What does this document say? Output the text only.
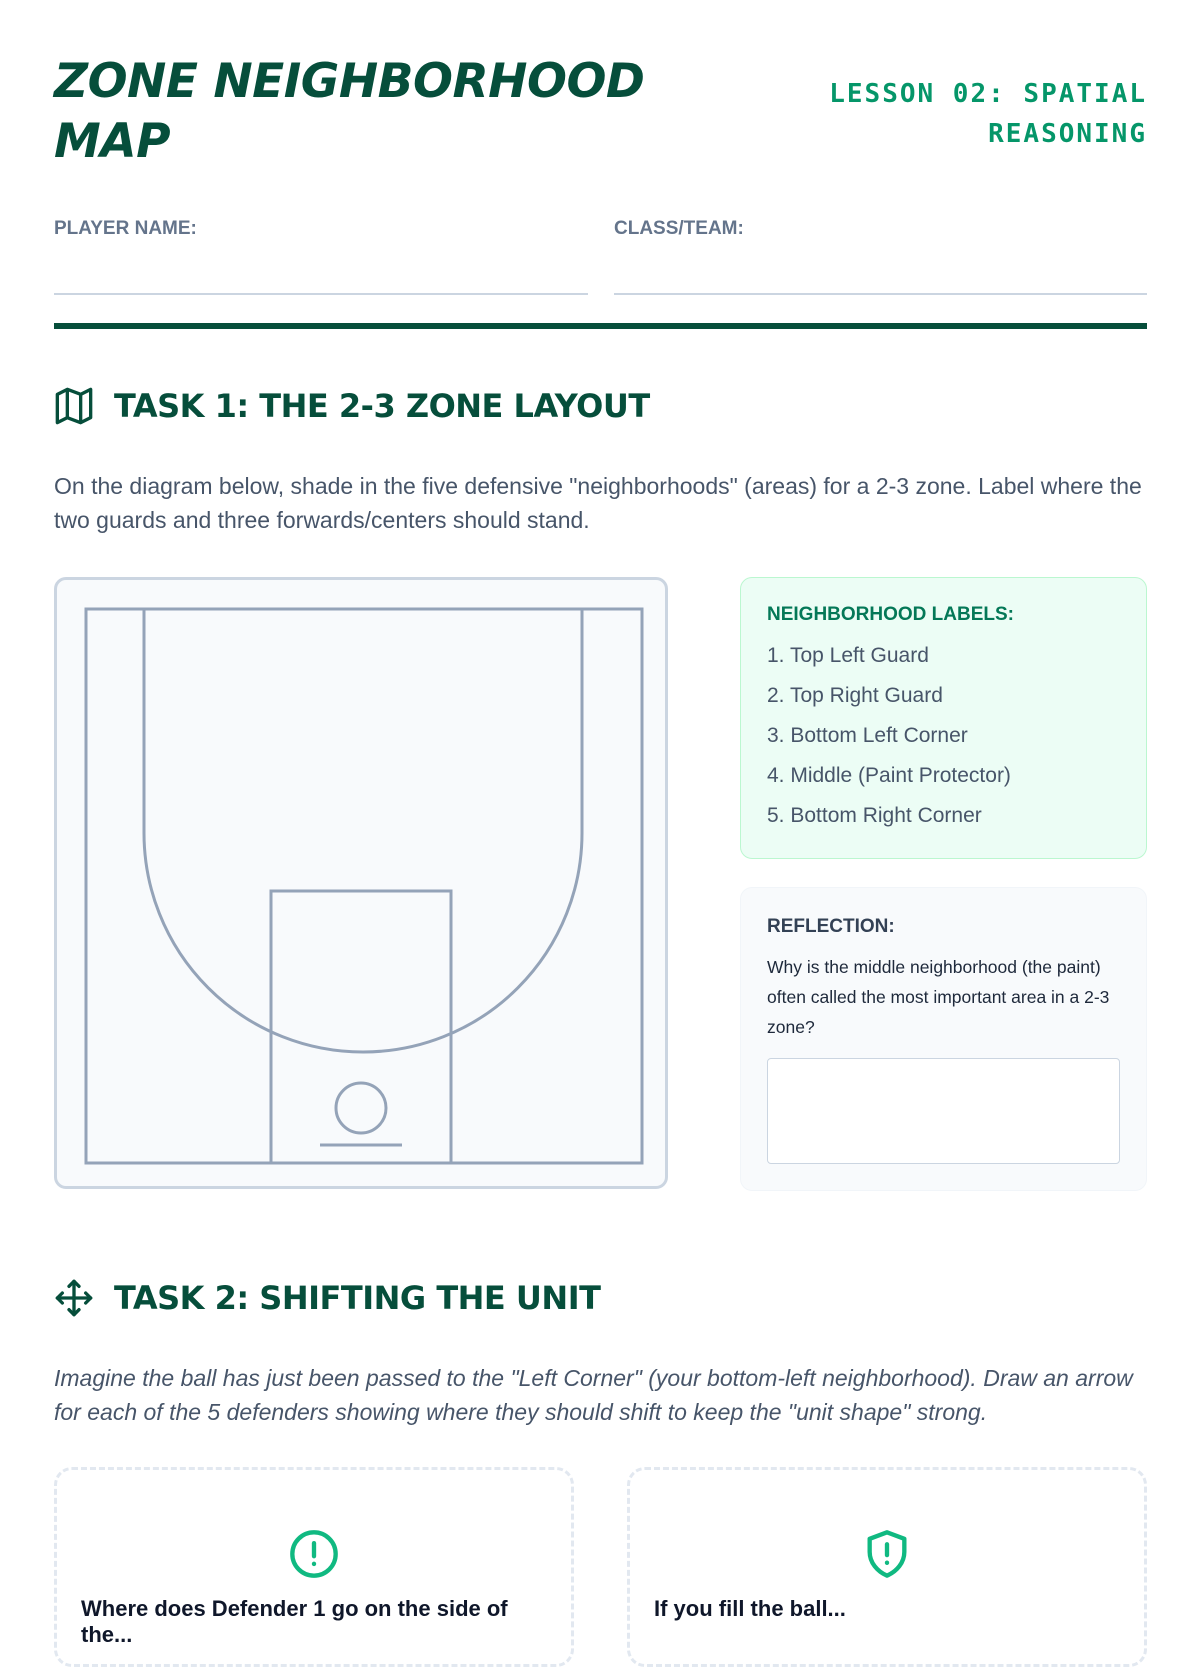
ZONE NEIGHBORHOOD MAP
LESSON 02: SPATIAL REASONING
PLAYER NAME:	CLASS/TEAM:
TASK 1: THE 2-3 ZONE LAYOUT

On the diagram below, shade in the five defensive "neighborhoods" (areas) for a 2-3 zone. Label where the two guards and three forwards/centers should stand.

NEIGHBORHOOD LABELS:
1. Top Left Guard
2. Top Right Guard
3. Bottom Left Corner
4. Middle (Paint Protector)
5. Bottom Right Corner
REFLECTION:

Why is the middle neighborhood (the paint) often called the most important area in a 2-3 zone?

TASK 2: SHIFTING THE UNIT

Imagine the ball has just been passed to the "Left Corner" (your bottom-left neighborhood). Draw an arrow for each of the 5 defenders showing where they should shift to keep the "unit shape" strong.

Where does Defender 1 go on the side of the...

If you fill the ball...
